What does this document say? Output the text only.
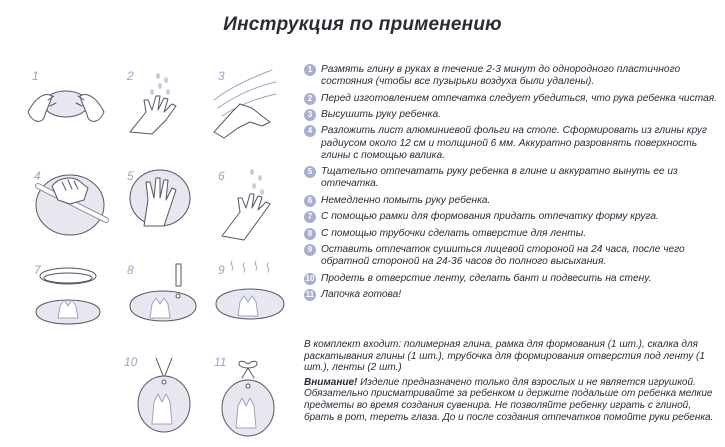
Инструкция по применению
1	2	3
4	5	6
7	8	9
10	11
1 Размять глину в руках в течение 2-3 минут до однородного пластичного состояния (чтобы все пузырьки воздуха были удалены).
2 Перед изготовлением отпечатка следует убедиться, что рука ребенка чистая.
3 Высушить руку ребенка.
4 Разложить лист алюминиевой фольги на столе. Сформировать из глины круг радиусом около 12 см и толщиной 6 мм. Аккуратно разровнять поверхность глины с помощью валика.
5 Тщательно отпечатать руку ребенка в глине и аккуратно вынуть ее из отпечатка.
6 Немедленно помыть руку ребенка.
7 С помощью рамки для формования придать отпечатку форму круга.
8 С помощью трубочки сделать отверстие для ленты.
9 Оставить отпечаток сушиться лицевой стороной на 24 часа, после чего обратной стороной на 24-36 часов до полного высыхания.
10 Продеть в отверстие ленту, сделать бант и подвесить на стену.
11 Лапочка готова!

В комплект входит: полимерная глина, рамка для формования (1 шт.), скалка для раскатывания глины (1 шт.), трубочка для формирования отверстия под ленту (1 шт.), ленты (2 шт.)

Внимание! Изделие предназначено только для взрослых и не является игрушкой. Обязательно присматривайте за ребенком и держите подальше от ребенка мелкие предметы во время создания сувенира. Не позволяйте ребенку играть с глиной, брать в рот, тереть глаза. До и после создания отпечатков помойте руки ребенка.
